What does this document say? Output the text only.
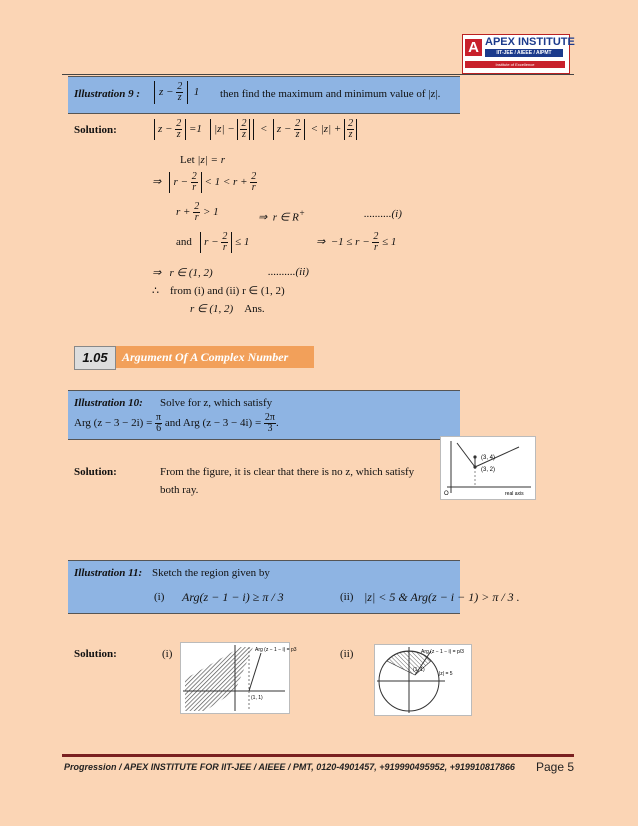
A APEX INSTITUTE
IIT-JEE / AIEEE / AIPMT
Institute of Excellence
Illustration 9 :	$z - \frac{2}{z} 1$ then find the maximum and minimum value of |z|.
Solution:	$z - \frac{2}{z} =1$ $|z| - \frac{2}{z} < z - \frac{2}{z} < |z| + \frac{2}{z}$
Let |z| = r
⇒ $r - \frac{2}{r} < 1 < r + \frac{2}{r}$
$r + \frac{2}{r} > 1$	⇒  r ∈ R+	..........(i)
and $r - \frac{2}{r} \le 1$	⇒  $-1 \le r - \frac{2}{r} \le 1$
⇒   r ∈ (1, 2)	..........(ii)
∴ from (i) and (ii) r ∈ (1, 2)
r ∈ (1, 2) Ans.
1.05	Argument Of A Complex Number
Illustration 10: Solve for z, which satisfy
Arg $(z - 3 - 2i) = \frac{\pi}{6}$ and Arg $(z - 3 - 4i) = \frac{2\pi}{3}$ .
Solution:	From the figure, it is clear that there is no z, which satisfy
both ray.
(3, 4)
(3, 2)
real axis
O
Illustration 11: Sketch the region given by
(i) Arg(z − 1 − i) ≥ π / 3	(ii) |z| < 5 & Arg(z − i − 1) > π / 3 .
Solution:	(i)	(ii)
Arg (z − 1 − i) = p3
(1, 1)
Arg (z − 1 − i) = p/3
(1, 1)
|z| = 5
Progression / APEX INSTITUTE FOR IIT-JEE / AIEEE / PMT, 0120-4901457, +919990495952, +919910817866 Page 5
